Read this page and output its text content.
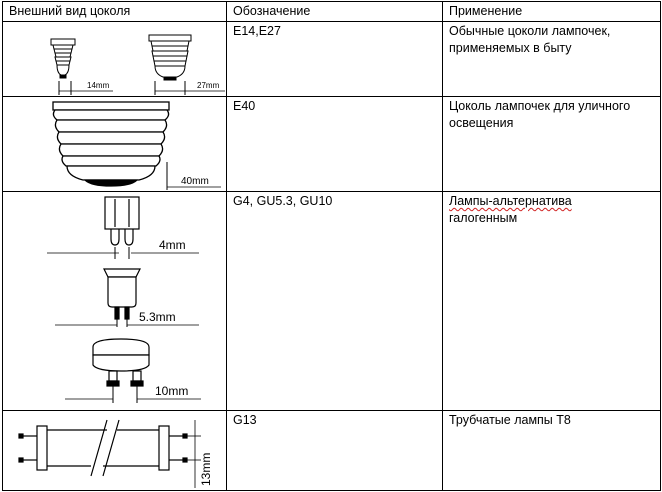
Внешний вид цоколя	Обозначение	Применение

14mm 27mm	E14,E27	Обычные цоколи лампочек, применяемых в быту

40mm	E40	Цоколь лампочек для уличного освещения

4mm
5.3mm
10mm	G4, GU5.3, GU10	Лампы-альтернатива
галогенным

13mm	G13	Трубчатые лампы Т8
